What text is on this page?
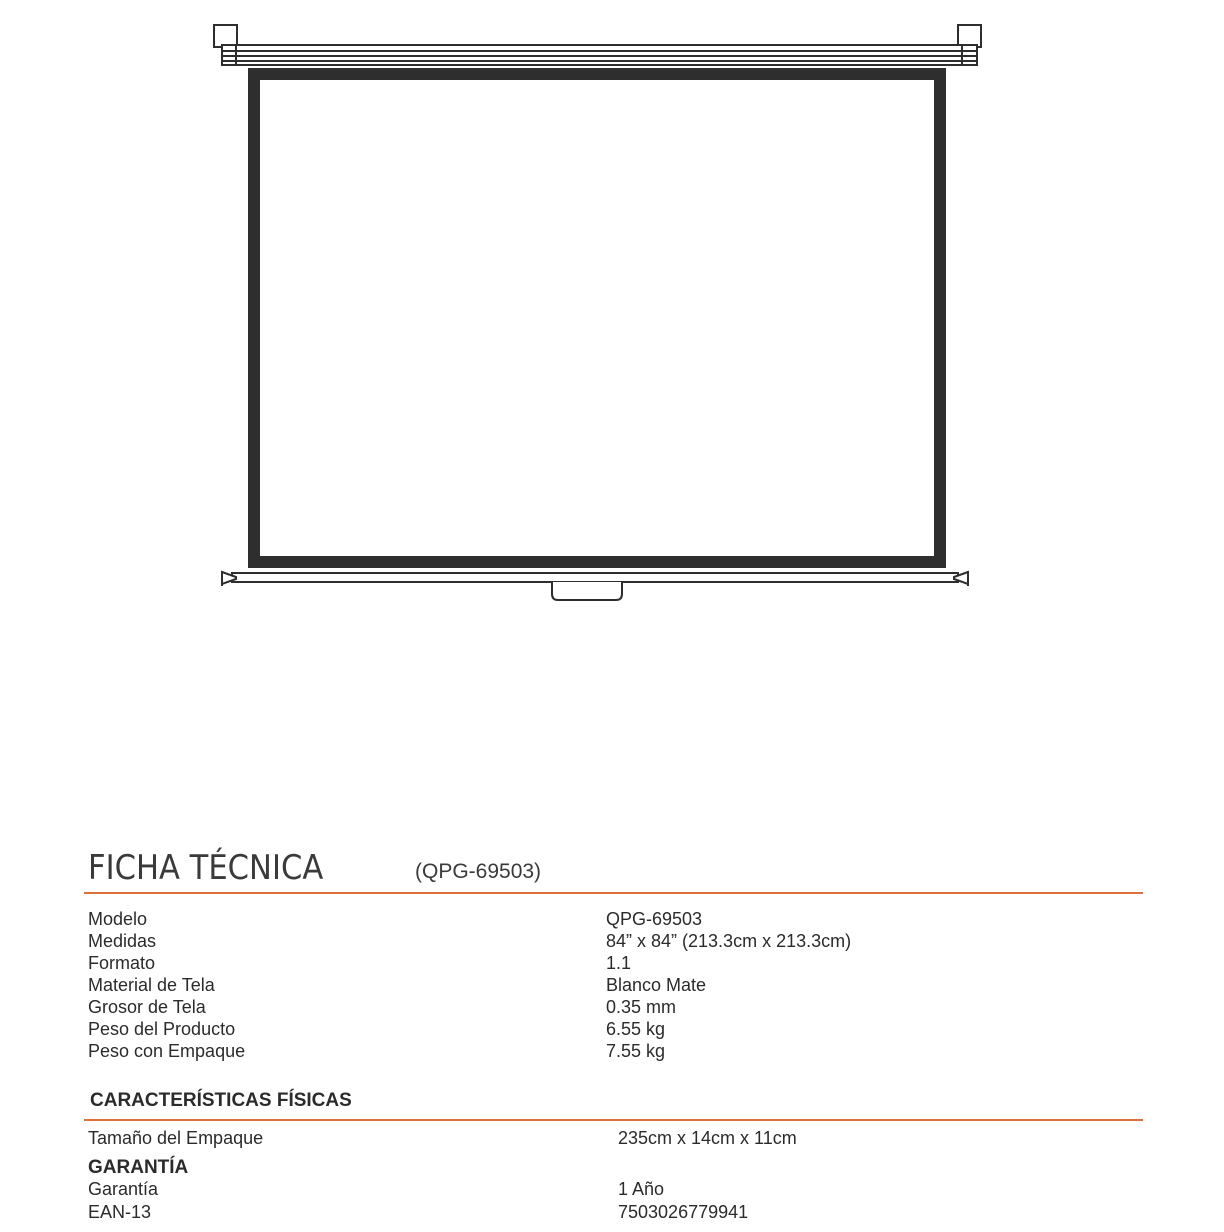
FICHA TÉCNICA	(QPG-69503)
Modelo	QPG-69503
Medidas	84” x 84” (213.3cm x 213.3cm)
Formato	1.1
Material de Tela	Blanco Mate
Grosor de Tela	0.35 mm
Peso del Producto	6.55 kg
Peso con Empaque	7.55 kg
CARACTERÍSTICAS FÍSICAS
Tamaño del Empaque	235cm x 14cm x 11cm
GARANTÍA
Garantía	1 Año
EAN-13	7503026779941
